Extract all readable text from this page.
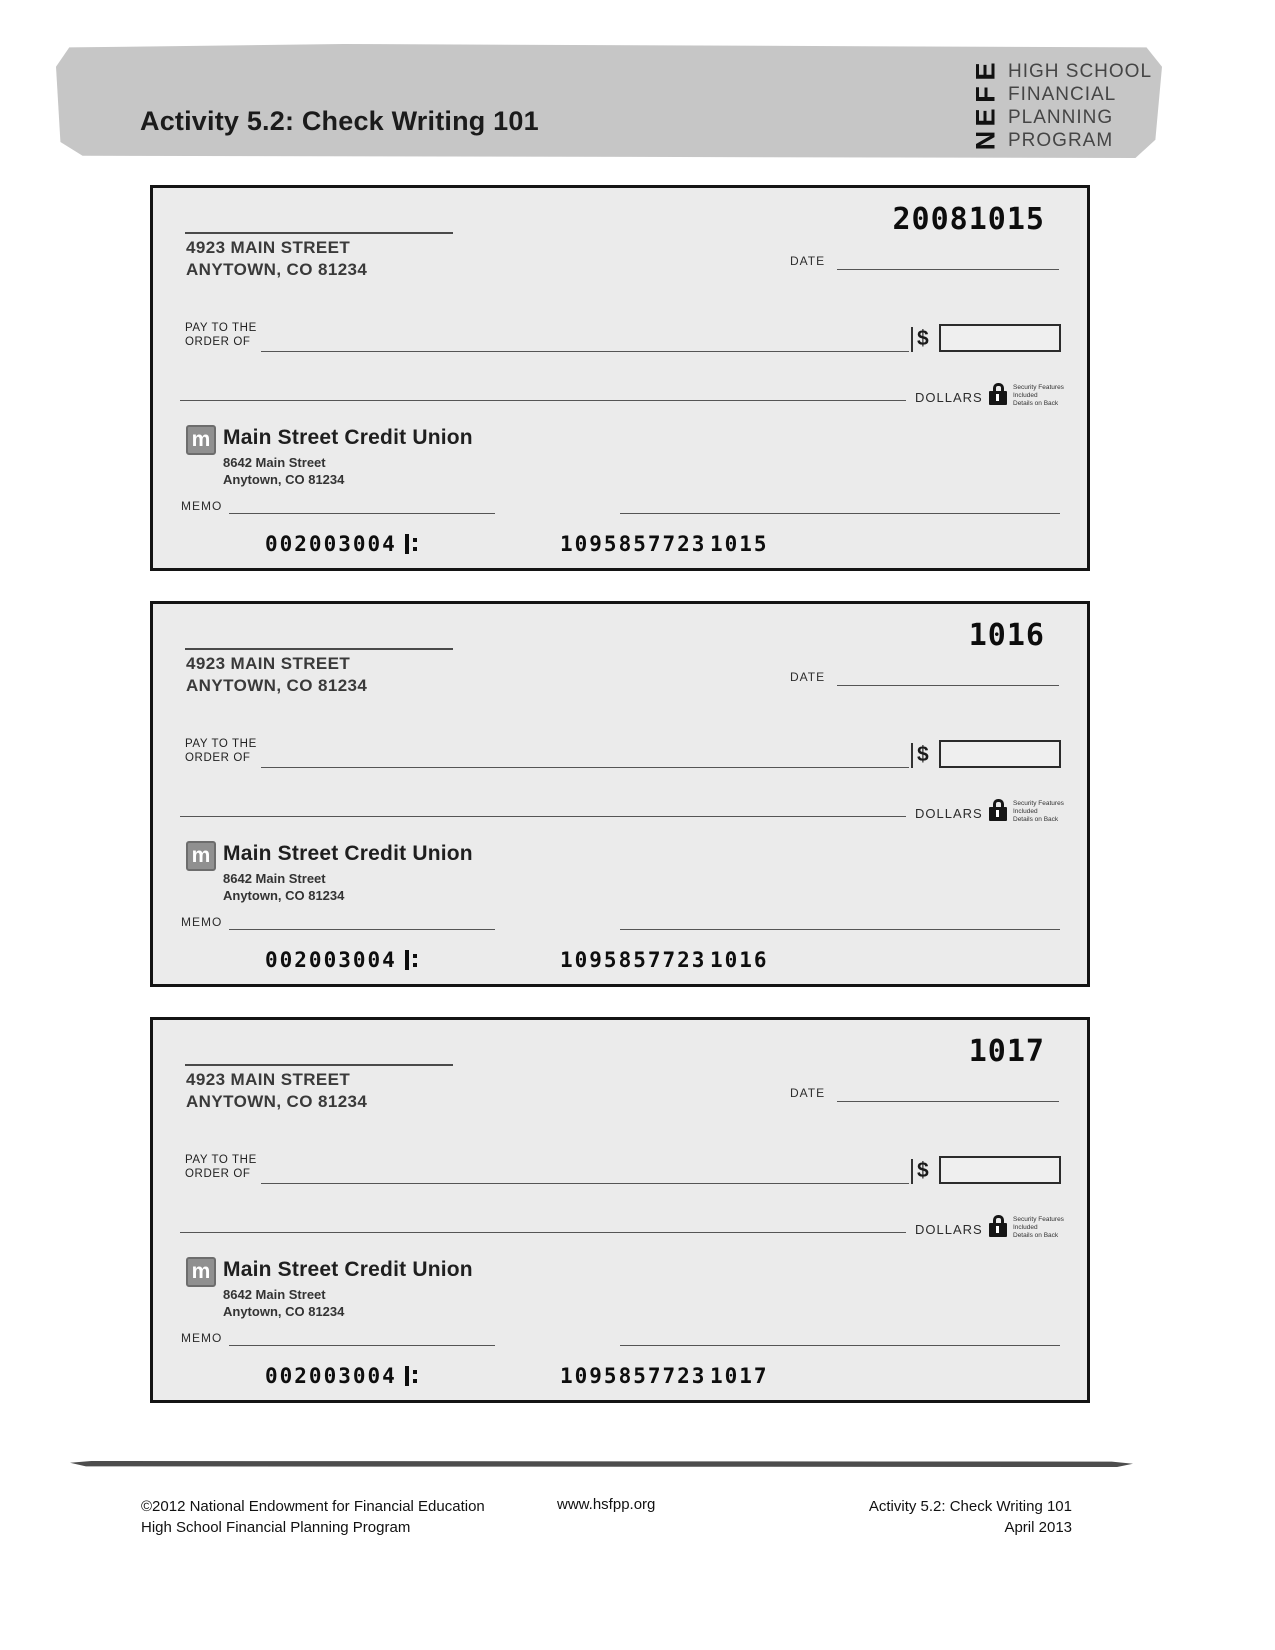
Activity 5.2: Check Writing 101
E
F
E
N
HIGH SCHOOL
FINANCIAL
PLANNING
PROGRAM
20081015
4923 MAIN STREET
ANYTOWN, CO 81234	DATE
PAY TO THE
ORDER OF	$
DOLLARS
Security Features
Included
Details on Back
m Main Street Credit Union
8642 Main Street
Anytown, CO 81234
MEMO
002003004	1095857723 1015
1016
4923 MAIN STREET
ANYTOWN, CO 81234	DATE
PAY TO THE
ORDER OF	$
DOLLARS
Security Features
Included
Details on Back
m Main Street Credit Union
8642 Main Street
Anytown, CO 81234
MEMO
002003004	1095857723 1016
1017
4923 MAIN STREET
ANYTOWN, CO 81234	DATE
PAY TO THE
ORDER OF	$
DOLLARS
Security Features
Included
Details on Back
m Main Street Credit Union
8642 Main Street
Anytown, CO 81234
MEMO
002003004	1095857723 1017
©2012 National Endowment for Financial Education
High School Financial Planning Program
www.hsfpp.org	Activity 5.2: Check Writing 101
April 2013
